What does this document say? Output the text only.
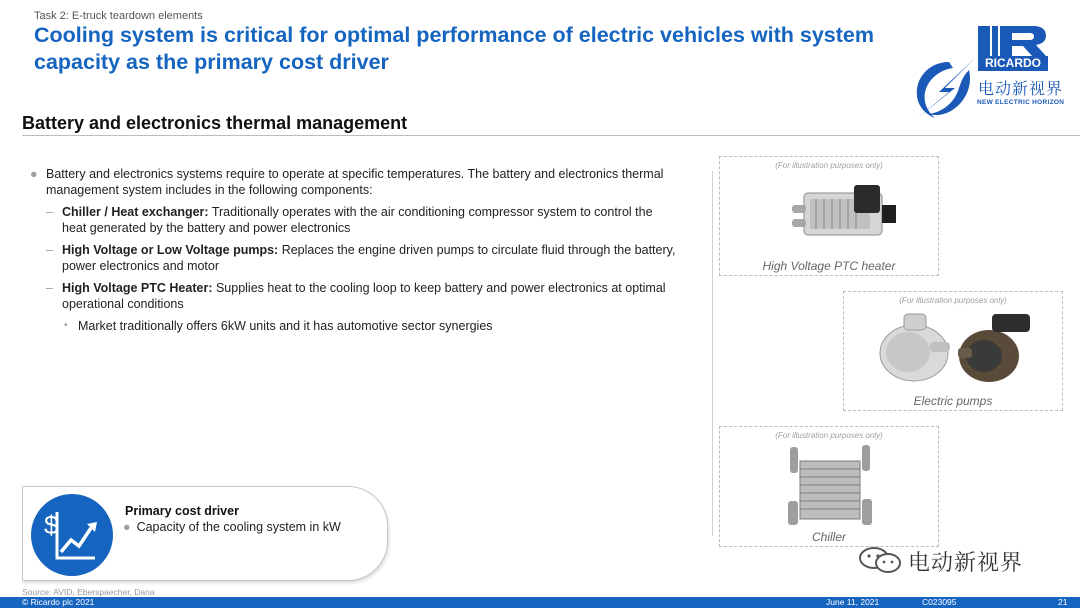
Task 2: E-truck teardown elements
Cooling system is critical for optimal performance of electric vehicles with system capacity as the primary cost driver	RICARDO
电动新视界
NEW ELECTRIC HORIZON
Battery and electronics thermal management
● Battery and electronics systems require to operate at specific temperatures. The battery and electronics thermal management system includes in the following components:
– Chiller / Heat exchanger: Traditionally operates with the air conditioning compressor system to control the heat generated by the battery and power electronics
– High Voltage or Low Voltage pumps: Replaces the engine driven pumps to circulate fluid through the battery, power electronics and motor
– High Voltage PTC Heater: Supplies heat to the cooling loop to keep battery and power electronics at optimal operational conditions
• Market traditionally offers 6kW units and it has automotive sector synergies
(For illustration purposes only)
High Voltage PTC heater
(For illustration purposes only)
Electric pumps
(For illustration purposes only)
Chiller
$	Primary cost driver
● Capacity of the cooling system in kW
Source: AVID, Eberspaecher, Dana
电动新视界
© Ricardo plc 2021	June 11, 2021	C023095	21
